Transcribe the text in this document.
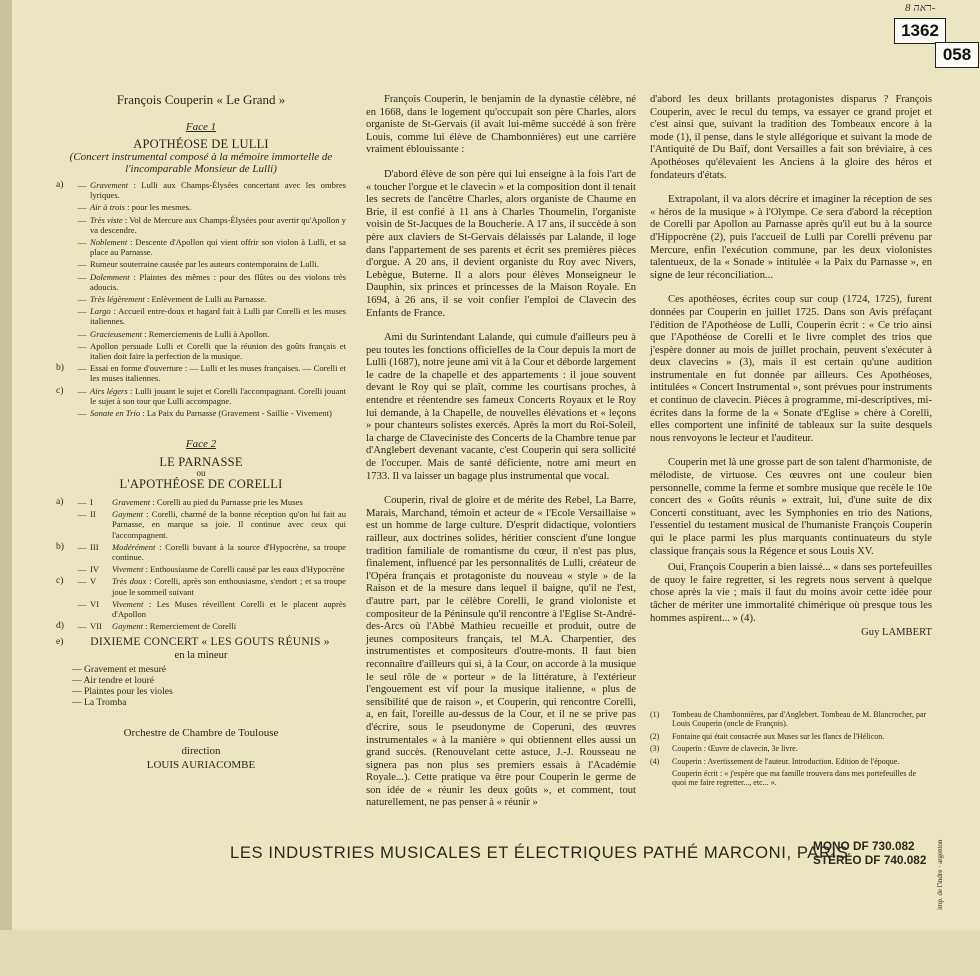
ראה 8-
1362
058
François Couperin « Le Grand »
Face 1
APOTHÉOSE DE LULLI
(Concert instrumental composé à la mémoire immortelle de l'incomparable Monsieur de Lulli)
a)	— Gravement : Lulli aux Champs-Élysées concertant avec les ombres lyriques.
— Air à trois : pour les mesmes.
— Très viste : Vol de Mercure aux Champs-Élysées pour avertir qu'Apollon y va descendre.
— Noblement : Descente d'Apollon qui vient offrir son violon à Lulli, et sa place au Parnasse.
— Rumeur souterraine causée par les auteurs contemporains de Lulli.
— Dolemment : Plaintes des mêmes : pour des flûtes ou des violons très adoucis.
— Très légèrement : Enlèvement de Lulli au Parnasse.
— Largo : Accueil entre-doux et hagard fait à Lulli par Corelli et les muses italiennes.
— Gracieusement : Remerciements de Lulli à Apollon.
— Apollon persuade Lulli et Corelli que la réunion des goûts français et italien doit faire la perfection de la musique.
b)	— Essai en forme d'ouverture : — Lulli et les muses françaises. — Corelli et les muses italiennes.
c)	— Airs légers : Lulli jouant le sujet et Corelli l'accompagnant. Corelli jouant le sujet à son tour que Lulli accompagne.
— Sonate en Trio : La Paix du Parnasse (Gravement - Saillie - Vivement)
Face 2
LE PARNASSE
ou
L'APOTHÉOSE DE CORELLI
a)	— I	Gravement : Corelli au pied du Parnasse prie les Muses
— II	Gayment : Corelli, charmé de la bonne réception qu'on lui fait au Parnasse, en marque sa joie. Il continue avec ceux qui l'accompagnent.
b)	— III	Modérément : Corelli buvant à la source d'Hypocrène, sa troupe continue.
— IV	Vivement : Enthousiasme de Corelli causé par les eaux d'Hypocrène
c)	— V	Très doux : Corelli, après son enthousiasme, s'endort ; et sa troupe joue le sommeil suivant
— VI	Vivement : Les Muses réveillent Corelli et le placent auprès d'Apollon
d)	— VII	Gayment : Remerciement de Corelli
e)	DIXIEME CONCERT « LES GOUTS RÉUNIS »
en la mineur
— Gravement et mesuré
— Air tendre et louré
— Plaintes pour les violes
— La Tromba
Orchestre de Chambre de Toulouse
direction
LOUIS AURIACOMBE

François Couperin, le benjamin de la dynastie célèbre, né en 1668, dans le logement qu'occupait son père Charles, alors organiste de St-Gervais (il avait lui-même succédé à son frère Louis, comme lui élève de Chambonnières) eut une carrière vraiment éblouissante :

D'abord élève de son père qui lui enseigne à la fois l'art de « toucher l'orgue et le clavecin » et la composition dont il tenait les secrets de l'ancêtre Charles, alors organiste de Chaume en Brie, il est confié à 11 ans à Charles Thoumelin, l'organiste voisin de St-Jacques de la Boucherie. A 17 ans, il succède à son père aux claviers de St-Gervais délaissés par Lalande, il loge dans l'appartement de ses parents et écrit ses premières pièces d'orgue. A 20 ans, il devient organiste du Roy avec Nivers, Lebègue, Buterne. Il a alors pour élèves Monseigneur le Dauphin, six princes et princesses de la Maison Royale. En 1694, à 26 ans, il se voit confier l'emploi de Clavecin des Enfants de France.

Ami du Surintendant Lalande, qui cumule d'ailleurs peu à peu toutes les fonctions officielles de la Cour depuis la mort de Lulli (1687), notre jeune ami vit à la Cour et déborde largement le cadre de la chapelle et des appartements : il joue souvent devant le Roy qui se plaît, comme les courtisans proches, à entendre et réentendre ses fameux Concerts Royaux et le Roy lui demande, à la Chapelle, de nouvelles élévations et « leçons » pour chanteurs solistes exercés. Après la mort du Roi-Soleil, la charge de Claveciniste des Concerts de la Chambre tenue par d'Anglebert devenant vacante, c'est Couperin qui sera sollicité de l'occuper. Mais de santé déficiente, notre ami meurt en 1733. Il va laisser un bagage plus instrumental que vocal.

Couperin, rival de gloire et de mérite des Rebel, La Barre, Marais, Marchand, témoin et acteur de « l'Ecole Versaillaise » est un homme de large culture. D'esprit didactique, volontiers railleur, aux doctrines solides, héritier conscient d'une longue tradition familiale de romantisme du cœur, il n'est pas plus, finalement, influencé par les personnalités de Lulli, créateur de l'Opéra français et protagoniste du nouveau « style » de la Raison et de la mesure dans lequel il baigne, qu'il ne l'est, d'autre part, par le célèbre Corelli, le grand violoniste et compositeur de la Péninsule qu'il rencontre à l'Eglise St-André-des-Arcs où l'Abbé Mathieu recueille et produit, outre de jeunes compositeurs français, tel M.A. Charpentier, des instrumentistes et compositeurs d'outre-monts. Il faut bien reconnaître d'ailleurs qui si, à la Cour, on accorde à la musique le seul rôle de « porteur » de la littérature, à l'extérieur l'engouement est vif pour la musique italienne, « plus de sensibilité que de raison », et Couperin, qui rencontre Corelli, a, en fait, l'oreille au-dessus de la Cour, et il ne se prive pas d'écrire, sous le pseudonyme de Coperuni, des œuvres instrumentales « à la manière » qui obtiennent elles aussi un grand succès. (Renouvelant cette astuce, J.-J. Rousseau ne signera pas non plus ses premiers essais à l'Académie Royale...). Cette pratique va être pour Couperin le germe de son idée de « réunir les deux goûts », et comment, tout naturellement, ne pas penser à « réunir »

d'abord les deux brillants protagonistes disparus ? François Couperin, avec le recul du temps, va essayer ce grand projet et c'est ainsi que, suivant la tradition des Tombeaux encore à la mode (1), il pense, dans le style allégorique et suivant la mode de l'Antiquité de Du Baïf, dont Versailles a fait son bréviaire, à ces Apothéoses qu'élevaient les Anciens à la gloire des héros et fondateurs d'états.

Extrapolant, il va alors décrire et imaginer la réception de ses « héros de la musique » à l'Olympe. Ce sera d'abord la réception de Corelli par Apollon au Parnasse après qu'il eut bu à la source d'Hippocrène (2), puis l'accueil de Lulli par Corelli prévenu par Mercure, enfin l'exécution commune, par les deux violonistes talentueux, de la « Sonade » intitulée « la Paix du Parnasse », en signe de leur réconciliation...

Ces apothéoses, écrites coup sur coup (1724, 1725), furent données par Couperin en juillet 1725. Dans son Avis préfaçant l'édition de l'Apothéose de Lulli, Couperin écrit : « Ce trio ainsi que l'Apothéose de Corelli et le livre complet des trios que j'espère donner au mois de juillet prochain, peuvent s'exécuter à deux clavecins » (3), mais il est certain qu'une audition instrumentale en fut donnée par ailleurs. Ces Apothéoses, intitulées « Concert Instrumental », sont prévues pour instruments et continuo de clavecin. Pièces à programme, mi-descriptives, mi-écrites dans la forme de la « Sonate d'Eglise » chère à Corelli, elles comportent une infinité de tableaux sur la suite desquels nous renvoyons le lecteur et l'auditeur.

Couperin met là une grosse part de son talent d'harmoniste, de mélodiste, de virtuose. Ces œuvres ont une couleur bien personnelle, comme la ferme et sombre musique que recèle le 10e concert des « Goûts réunis » extrait, lui, d'une suite de dix Concerti constituant, avec les Symphonies en trio des Nations, l'essentiel du testament musical de l'humaniste François Couperin qui le place parmi les plus marquants continuateurs du style classique français sous la Régence et sous Louis XV.

Oui, François Couperin a bien laissé... « dans ses portefeuilles de quoy le faire regretter, si les regrets nous servent à quelque chose après la vie ; mais il faut du moins avoir cette idée pour tâcher de mériter une immortalité chimérique où presque tous les hommes aspirent... » (4).

Guy LAMBERT
(1)	Tombeau de Chambonnières, par d'Anglebert. Tombeau de M. Blancrocher, par Louis Couperin (oncle de François).
(2)	Fontaine qui était consacrée aux Muses sur les flancs de l'Hélicon.
(3)	Couperin : Œuvre de clavecin, 3e livre.
(4)	Couperin : Avertissement de l'auteur. Introduction. Edition de l'époque.
Couperin écrit : « j'espère que ma famille trouvera dans mes portefeuilles de quoi me faire regretter..., etc... ».
LES INDUSTRIES MUSICALES ET ÉLECTRIQUES PATHÉ MARCONI, PARIS
MONO DF 730.082
STÉRÉO DF 740.082 imp. de l'indre · argenton
